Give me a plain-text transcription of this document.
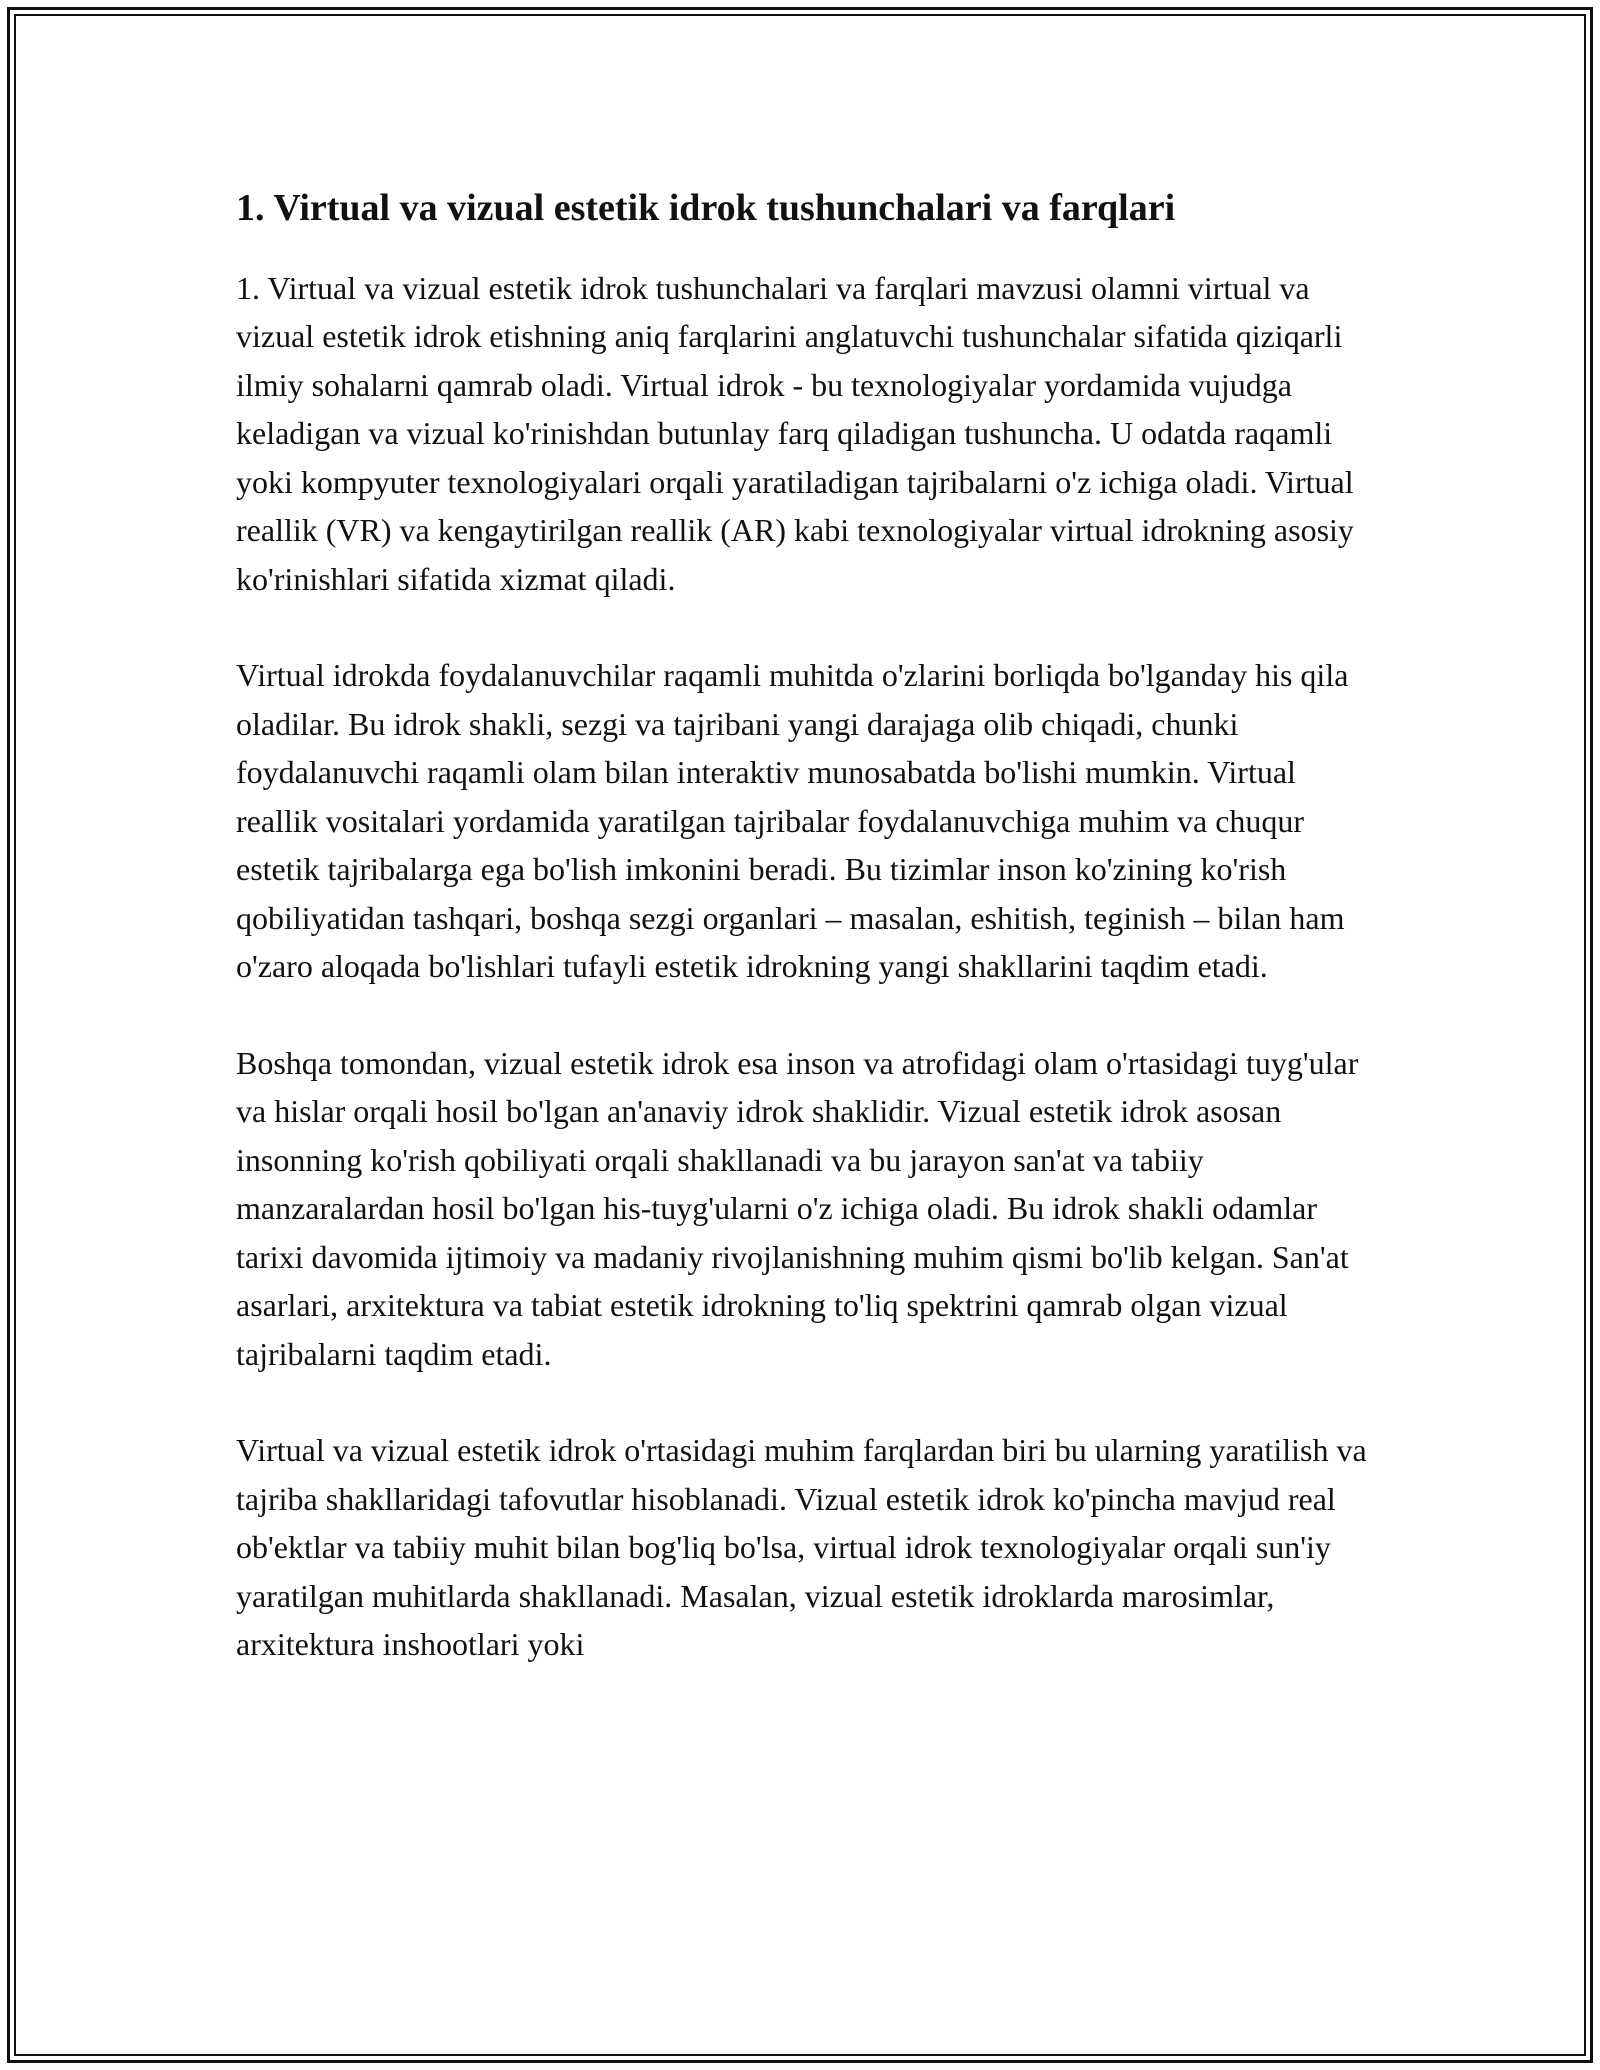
1. Virtual va vizual estetik idrok tushunchalari va farqlari

1. Virtual va vizual estetik idrok tushunchalari va farqlari mavzusi olamni virtual va vizual estetik idrok etishning aniq farqlarini anglatuvchi tushunchalar sifatida qiziqarli ilmiy sohalarni qamrab oladi. Virtual idrok - bu texnologiyalar yordamida vujudga keladigan va vizual ko'rinishdan butunlay farq qiladigan tushuncha. U odatda raqamli yoki kompyuter texnologiyalari orqali yaratiladigan tajribalarni o'z ichiga oladi. Virtual reallik (VR) va kengaytirilgan reallik (AR) kabi texnologiyalar virtual idrokning asosiy ko'rinishlari sifatida xizmat qiladi.

Virtual idrokda foydalanuvchilar raqamli muhitda o'zlarini borliqda bo'lganday his qila oladilar. Bu idrok shakli, sezgi va tajribani yangi darajaga olib chiqadi, chunki foydalanuvchi raqamli olam bilan interaktiv munosabatda bo'lishi mumkin. Virtual reallik vositalari yordamida yaratilgan tajribalar foydalanuvchiga muhim va chuqur estetik tajribalarga ega bo'lish imkonini beradi. Bu tizimlar inson ko'zining ko'rish qobiliyatidan tashqari, boshqa sezgi organlari – masalan, eshitish, teginish – bilan ham o'zaro aloqada bo'lishlari tufayli estetik idrokning yangi shakllarini taqdim etadi.

Boshqa tomondan, vizual estetik idrok esa inson va atrofidagi olam o'rtasidagi tuyg'ular va hislar orqali hosil bo'lgan an'anaviy idrok shaklidir. Vizual estetik idrok asosan insonning ko'rish qobiliyati orqali shakllanadi va bu jarayon san'at va tabiiy manzaralardan hosil bo'lgan his-tuyg'ularni o'z ichiga oladi. Bu idrok shakli odamlar tarixi davomida ijtimoiy va madaniy rivojlanishning muhim qismi bo'lib kelgan. San'at asarlari, arxitektura va tabiat estetik idrokning to'liq spektrini qamrab olgan vizual tajribalarni taqdim etadi.

Virtual va vizual estetik idrok o'rtasidagi muhim farqlardan biri bu ularning yaratilish va tajriba shakllaridagi tafovutlar hisoblanadi. Vizual estetik idrok ko'pincha mavjud real ob'ektlar va tabiiy muhit bilan bog'liq bo'lsa, virtual idrok texnologiyalar orqali sun'iy yaratilgan muhitlarda shakllanadi. Masalan, vizual estetik idroklarda marosimlar, arxitektura inshootlari yoki
